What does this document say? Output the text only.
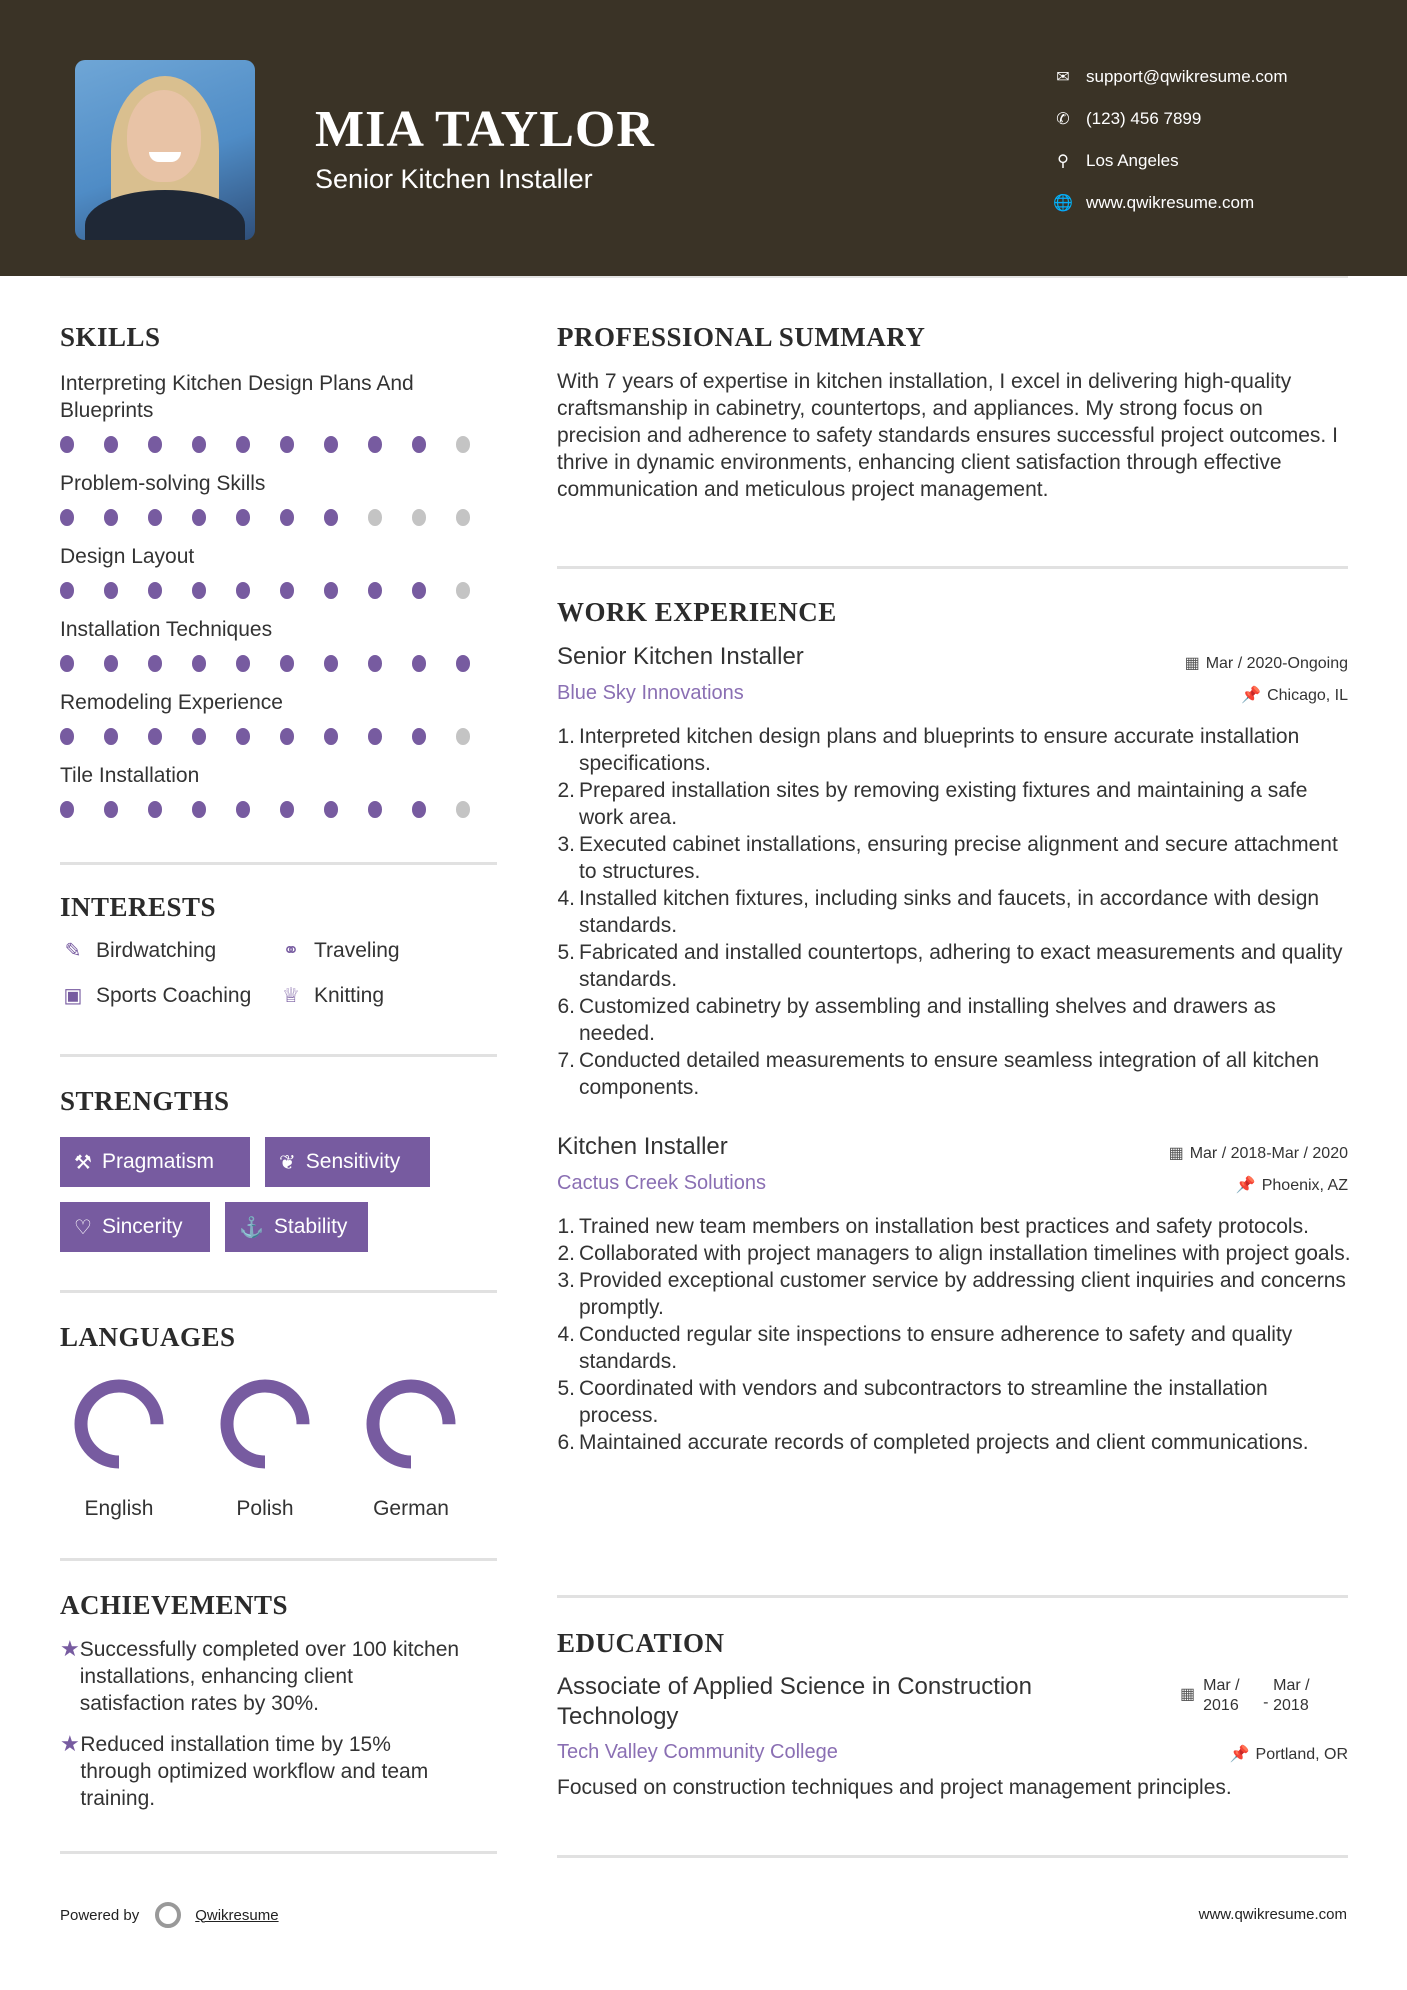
MIA TAYLOR
Senior Kitchen Installer
✉ support@qwikresume.com
✆ (123) 456 7899
⚲	Los Angeles
🌐 www.qwikresume.com
SKILLS
Interpreting Kitchen Design Plans And Blueprints
Problem-solving Skills
Design Layout
Installation Techniques
Remodeling Experience
Tile Installation
INTERESTS
✎ Birdwatching	⚭ Traveling
▣ Sports Coaching ♕ Knitting
STRENGTHS
⚒ Pragmatism	❦ Sensitivity
♡ Sincerity	⚓ Stability
LANGUAGES
English	Polish	German
ACHIEVEMENTS
★ Successfully completed over 100 kitchen installations, enhancing client satisfaction rates by 30%.
★ Reduced installation time by 15% through optimized workflow and team training.
PROFESSIONAL SUMMARY
With 7 years of expertise in kitchen installation, I excel in delivering high-quality craftsmanship in cabinetry, countertops, and appliances. My strong focus on precision and adherence to safety standards ensures successful project outcomes. I thrive in dynamic environments, enhancing client satisfaction through effective communication and meticulous project management.
WORK EXPERIENCE
Senior Kitchen Installer
Blue Sky Innovations
▦ Mar / 2020-Ongoing
📌 Chicago, IL
1. Interpreted kitchen design plans and blueprints to ensure accurate installation specifications.
2. Prepared installation sites by removing existing fixtures and maintaining a safe work area.
3. Executed cabinet installations, ensuring precise alignment and secure attachment to structures.
4. Installed kitchen fixtures, including sinks and faucets, in accordance with design standards.
5. Fabricated and installed countertops, adhering to exact measurements and quality standards.
6. Customized cabinetry by assembling and installing shelves and drawers as needed.
7. Conducted detailed measurements to ensure seamless integration of all kitchen components.
Kitchen Installer
Cactus Creek Solutions
▦ Mar / 2018-Mar / 2020
📌 Phoenix, AZ
1. Trained new team members on installation best practices and safety protocols.
2. Collaborated with project managers to align installation timelines with project goals.
3. Provided exceptional customer service by addressing client inquiries and concerns promptly.
4. Conducted regular site inspections to ensure adherence to safety and quality standards.
5. Coordinated with vendors and subcontractors to streamline the installation process.
6. Maintained accurate records of completed projects and client communications.
EDUCATION
Associate of Applied Science in Construction Technology
▦
Mar / 2016	-
Mar / 2018
Tech Valley Community College	📌 Portland, OR
Focused on construction techniques and project management principles.
Powered by	Qwikresume	www.qwikresume.com
